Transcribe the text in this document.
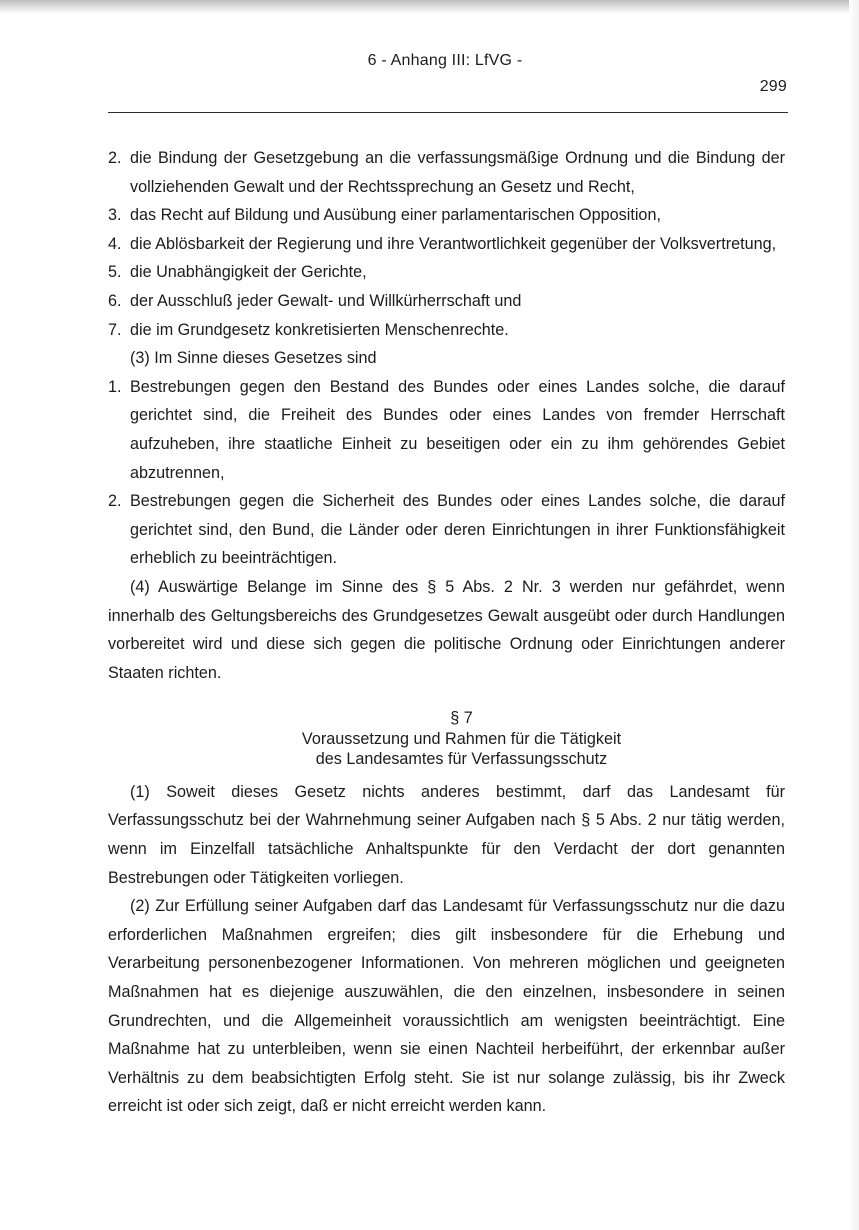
6 - Anhang III: LfVG -
299
2. die Bindung der Gesetzgebung an die verfassungsmäßige Ordnung und die Bindung der vollziehenden Gewalt und der Rechtssprechung an Gesetz und Recht,
3. das Recht auf Bildung und Ausübung einer parlamentarischen Opposition,
4. die Ablösbarkeit der Regierung und ihre Verantwortlichkeit gegenüber der Volksvertretung,
5. die Unabhängigkeit der Gerichte,
6. der Ausschluß jeder Gewalt- und Willkürherrschaft und
7. die im Grundgesetz konkretisierten Menschenrechte.
(3) Im Sinne dieses Gesetzes sind
1. Bestrebungen gegen den Bestand des Bundes oder eines Landes solche, die darauf gerichtet sind, die Freiheit des Bundes oder eines Landes von fremder Herrschaft aufzuheben, ihre staatliche Einheit zu beseitigen oder ein zu ihm gehörendes Gebiet abzutrennen,
2. Bestrebungen gegen die Sicherheit des Bundes oder eines Landes solche, die darauf gerichtet sind, den Bund, die Länder oder deren Einrichtungen in ihrer Funktionsfähigkeit erheblich zu beeinträchtigen.
(4) Auswärtige Belange im Sinne des § 5 Abs. 2 Nr. 3 werden nur gefährdet, wenn innerhalb des Geltungsbereichs des Grundgesetzes Gewalt ausgeübt oder durch Handlungen vorbereitet wird und diese sich gegen die politische Ordnung oder Einrichtungen anderer Staaten richten.
§ 7
Voraussetzung und Rahmen für die Tätigkeit
des Landesamtes für Verfassungsschutz
(1) Soweit dieses Gesetz nichts anderes bestimmt, darf das Landesamt für Verfassungsschutz bei der Wahrnehmung seiner Aufgaben nach § 5 Abs. 2 nur tätig werden, wenn im Einzelfall tatsächliche Anhaltspunkte für den Verdacht der dort genannten Bestrebungen oder Tätigkeiten vorliegen.
(2) Zur Erfüllung seiner Aufgaben darf das Landesamt für Verfassungsschutz nur die dazu erforderlichen Maßnahmen ergreifen; dies gilt insbesondere für die Erhebung und Verarbeitung personenbezogener Informationen. Von mehreren möglichen und geeigneten Maßnahmen hat es diejenige auszuwählen, die den einzelnen, insbesondere in seinen Grundrechten, und die Allgemeinheit voraussichtlich am wenigsten beeinträchtigt. Eine Maßnahme hat zu unterbleiben, wenn sie einen Nachteil herbeiführt, der erkennbar außer Verhältnis zu dem beabsichtigten Erfolg steht. Sie ist nur solange zulässig, bis ihr Zweck erreicht ist oder sich zeigt, daß er nicht erreicht werden kann.
